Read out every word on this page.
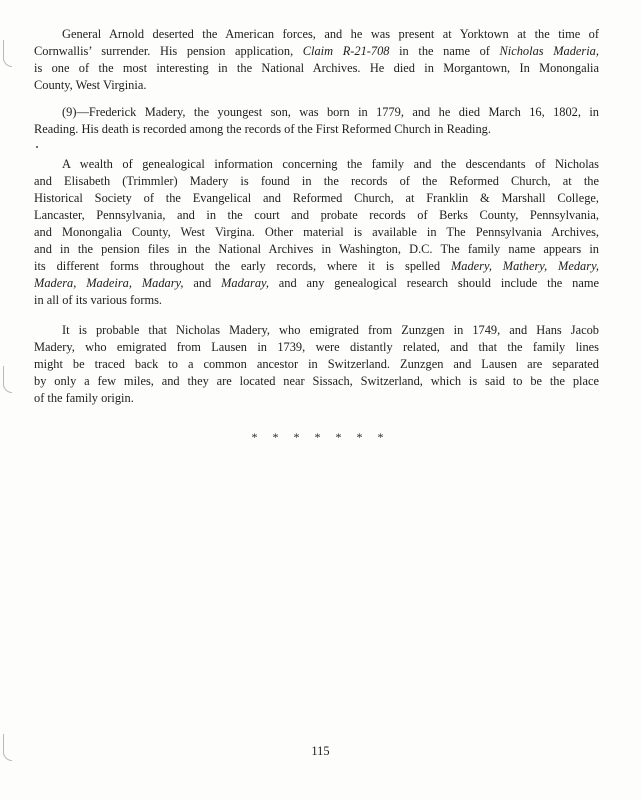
General Arnold deserted the American forces, and he was present at Yorktown at the time of
Cornwallis’ surrender. His pension application, Claim R-21-708 in the name of Nicholas Maderia,
is one of the most interesting in the National Archives. He died in Morgantown, In Monongalia
County, West Virginia.
(9)—Frederick Madery, the youngest son, was born in 1779, and he died March 16, 1802, in
Reading. His death is recorded among the records of the First Reformed Church in Reading.
A wealth of genealogical information concerning the family and the descendants of Nicholas
and Elisabeth (Trimmler) Madery is found in the records of the Reformed Church, at the
Historical Society of the Evangelical and Reformed Church, at Franklin & Marshall College,
Lancaster, Pennsylvania, and in the court and probate records of Berks County, Pennsylvania,
and Monongalia County, West Virgina. Other material is available in The Pennsylvania Archives,
and in the pension files in the National Archives in Washington, D.C. The family name appears in
its different forms throughout the early records, where it is spelled Madery, Mathery, Medary,
Madera, Madeira, Madary, and Madaray, and any genealogical research should include the name
in all of its various forms.
It is probable that Nicholas Madery, who emigrated from Zunzgen in 1749, and Hans Jacob
Madery, who emigrated from Lausen in 1739, were distantly related, and that the family lines
might be traced back to a common ancestor in Switzerland. Zunzgen and Lausen are separated
by only a few miles, and they are located near Sissach, Switzerland, which is said to be the place
of the family origin.
* * * * * * *
115
